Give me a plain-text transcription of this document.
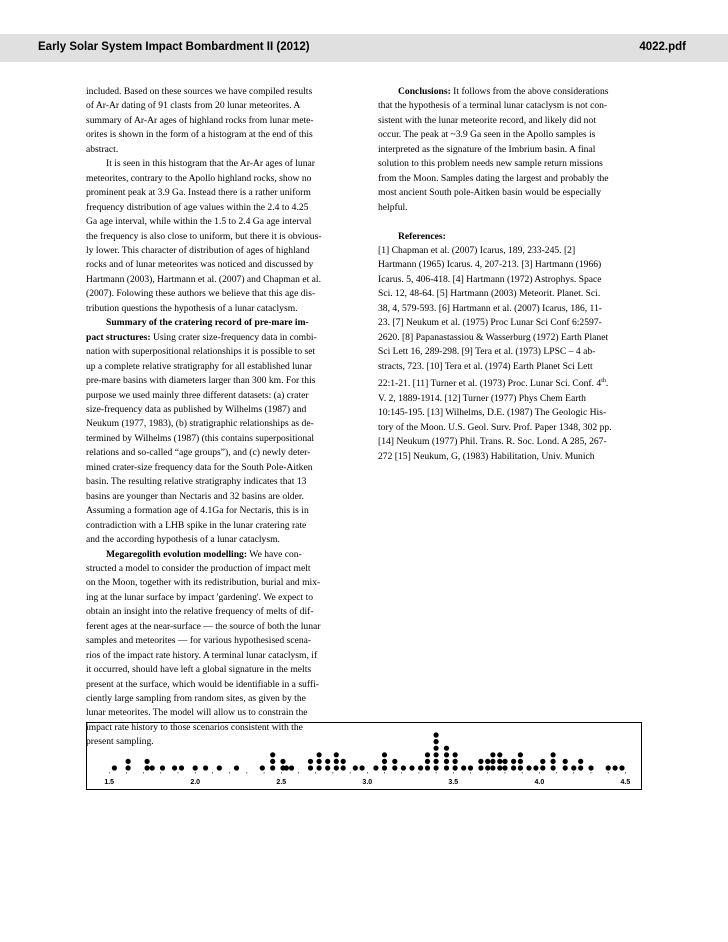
Early Solar System Impact Bombardment II (2012)	4022.pdf
included. Based on these sources we have compiled results
of Ar-Ar dating of 91 clasts from 20 lunar meteorites. A
summary of Ar-Ar ages of highland rocks from lunar mete-
orites is shown in the form of a histogram at the end of this
abstract.
It is seen in this histogram that the Ar-Ar ages of lunar
meteorites, contrary to the Apollo highland rocks, show no
prominent peak at 3.9 Ga. Instead there is a rather uniform
frequency distribution of age values within the 2.4 to 4.25
Ga age interval, while within the 1.5 to 2.4 Ga age interval
the frequency is also close to uniform, but there it is obvious-
ly lower. This character of distribution of ages of highland
rocks and of lunar meteorites was noticed and discussed by
Hartmann (2003), Hartmann et al. (2007) and Chapman et al.
(2007). Folowing these authors we believe that this age dis-
tribution questions the hypothesis of a lunar cataclysm.
Summary of the cratering record of pre-mare im-
pact structures: Using crater size-frequency data in combi-
nation with superpositional relationships it is possible to set
up a complete relative stratigraphy for all established lunar
pre-mare basins with diameters larger than 300 km. For this
purpose we used mainly three different datasets: (a) crater
size-frequency data as published by Wilhelms (1987) and
Neukum (1977, 1983), (b) stratigraphic relationships as de-
termined by Wilhelms (1987) (this contains superpositional
relations and so-called “age groups”), and (c) newly deter-
mined crater-size frequency data for the South Pole-Aitken
basin. The resulting relative stratigraphy indicates that 13
basins are younger than Nectaris and 32 basins are older.
Assuming a formation age of 4.1Ga for Nectaris, this is in
contradiction with a LHB spike in the lunar cratering rate
and the according hypothesis of a lunar cataclysm.
Megaregolith evolution modelling: We have con-
structed a model to consider the production of impact melt
on the Moon, together with its redistribution, burial and mix-
ing at the lunar surface by impact 'gardening'. We expect to
obtain an insight into the relative frequency of melts of dif-
ferent ages at the near-surface — the source of both the lunar
samples and meteorites — for various hypothesised scena-
rios of the impact rate history. A terminal lunar cataclysm, if
it occurred, should have left a global signature in the melts
present at the surface, which would be identifiable in a suffi-
ciently large sampling from random sites, as given by the
lunar meteorites. The model will allow us to constrain the
impact rate history to those scenarios consistent with the
present sampling.
Conclusions: It follows from the above considerations
that the hypothesis of a terminal lunar cataclysm is not con-
sistent with the lunar meteorite record, and likely did not
occur. The peak at ~3.9 Ga seen in the Apollo samples is
interpreted as the signature of the Imbrium basin. A final
solution to this problem needs new sample return missions
from the Moon. Samples dating the largest and probably the
most ancient South pole-Aitken basin would be especially
helpful.
References:
[1] Chapman et al. (2007) Icarus, 189, 233-245. [2]
Hartmann (1965) Icarus. 4, 207-213. [3] Hartmann (1966)
Icarus. 5, 406-418. [4] Hartmann (1972) Astrophys. Space
Sci. 12, 48-64. [5] Hartmann (2003) Meteorit. Planet. Sci.
38, 4, 579-593. [6] Hartmann et al. (2007) Icarus, 186, 11-
23. [7] Neukum et al. (1975) Proc Lunar Sci Conf 6:2597-
2620. [8] Papanastassiou & Wasserburg (1972) Earth Planet
Sci Lett 16, 289-298. [9] Tera et al. (1973) LPSC – 4 ab-
stracts, 723. [10] Tera et al. (1974) Earth Planet Sci Lett
22:1-21. [11] Turner et al. (1973) Proc. Lunar Sci. Conf. 4th.
V. 2, 1889-1914. [12] Turner (1977) Phys Chem Earth
10:145-195. [13] Wilhelms, D.E. (1987) The Geologic His-
tory of the Moon. U.S. Geol. Surv. Prof. Paper 1348, 302 pp.
[14] Neukum (1977) Phil. Trans. R. Soc. Lond. A 285, 267-
272 [15] Neukum, G, (1983) Habilitation, Univ. Munich
1.5	2.0	2.5	3.0	3.5	4.0	4.5
